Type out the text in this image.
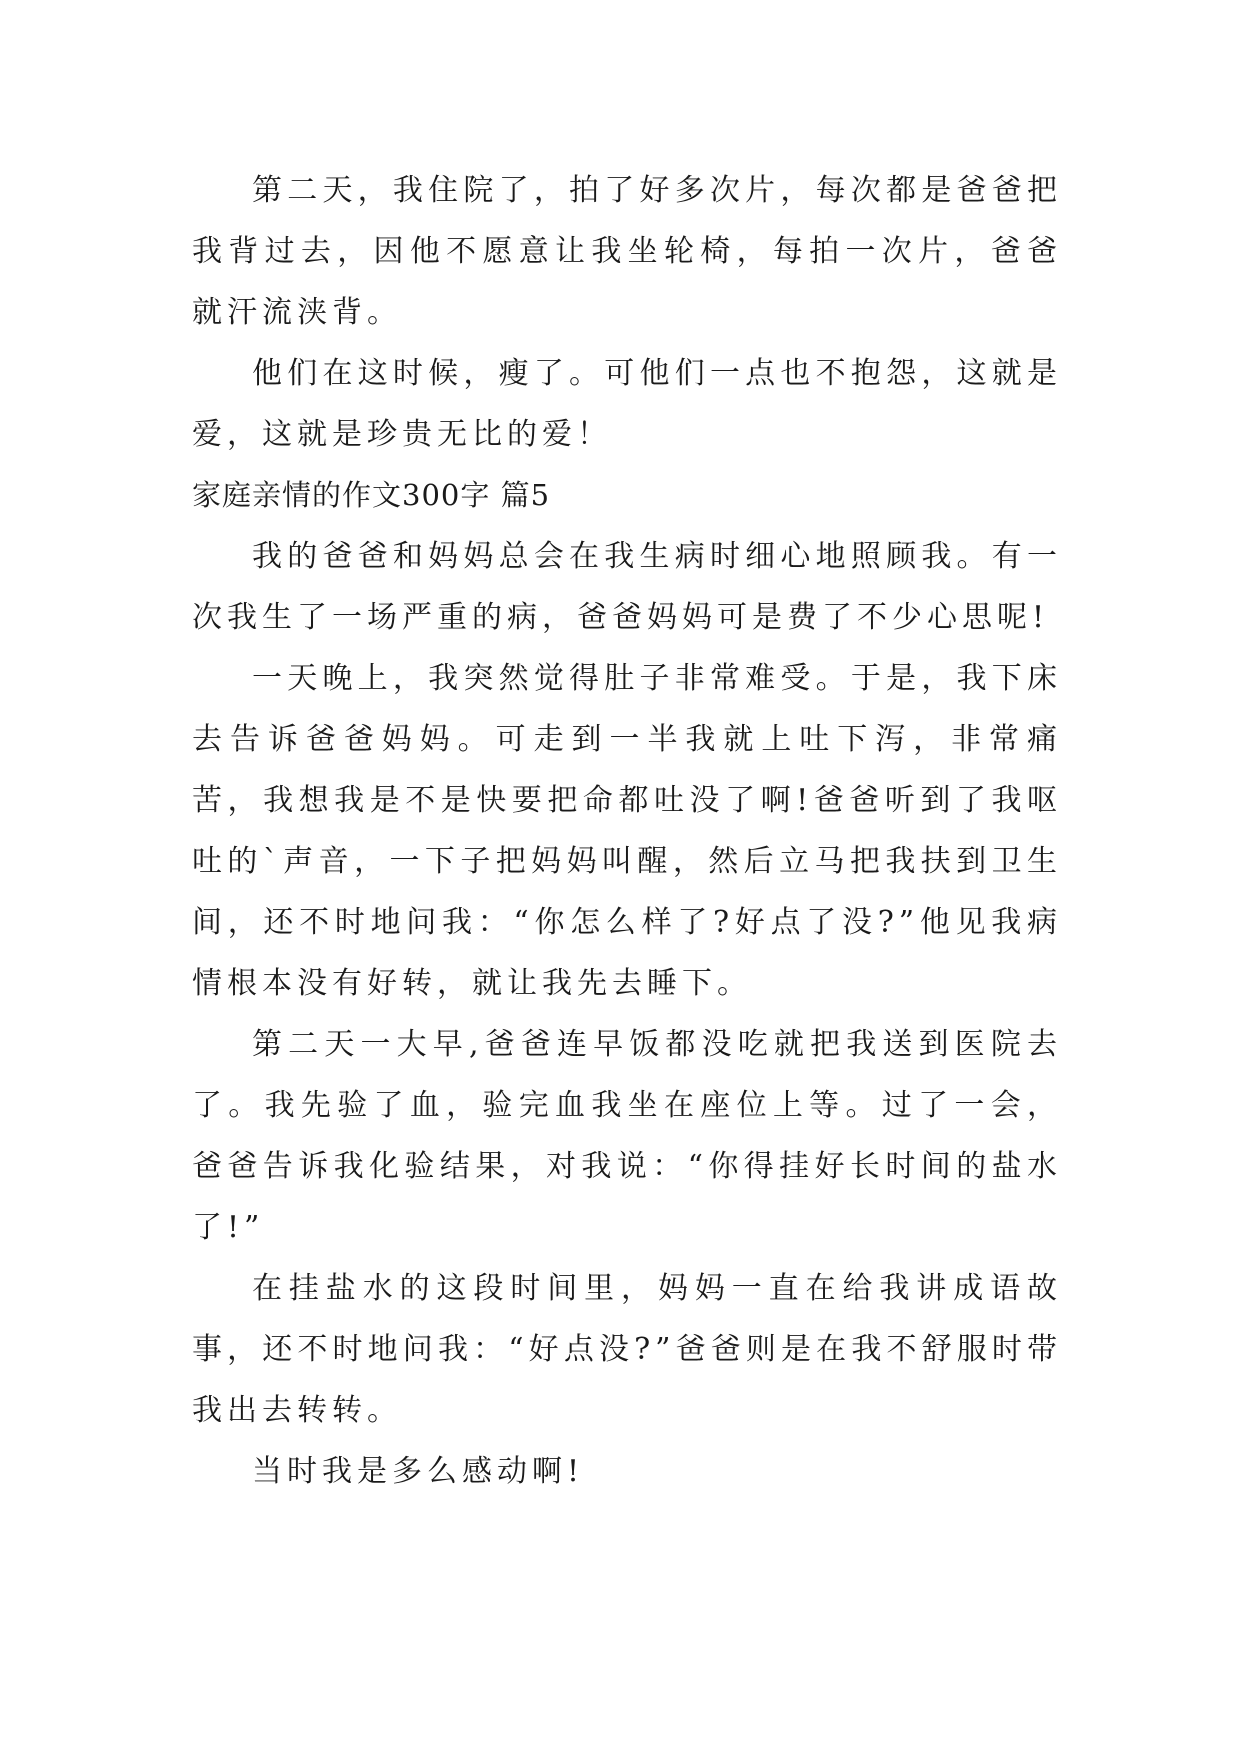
第二天，我住院了，拍了好多次片，每次都是爸爸把我背过去，因他不愿意让我坐轮椅，每拍一次片，爸爸就汗流浃背。

他们在这时候，瘦了。可他们一点也不抱怨，这就是爱，这就是珍贵无比的爱！

家庭亲情的作文300字 篇5

我的爸爸和妈妈总会在我生病时细心地照顾我。有一次我生了一场严重的病，爸爸妈妈可是费了不少心思呢!

一天晚上，我突然觉得肚子非常难受。于是，我下床去告诉爸爸妈妈。可走到一半我就上吐下泻，非常痛苦，我想我是不是快要把命都吐没了啊!爸爸听到了我呕吐的`声音，一下子把妈妈叫醒，然后立马把我扶到卫生间，还不时地问我：“你怎么样了?好点了没?”他见我病情根本没有好转，就让我先去睡下。

第二天一大早,爸爸连早饭都没吃就把我送到医院去了。我先验了血，验完血我坐在座位上等。过了一会，爸爸告诉我化验结果，对我说：“你得挂好长时间的盐水了!”

在挂盐水的这段时间里，妈妈一直在给我讲成语故事，还不时地问我：“好点没?”爸爸则是在我不舒服时带我出去转转。

当时我是多么感动啊!
